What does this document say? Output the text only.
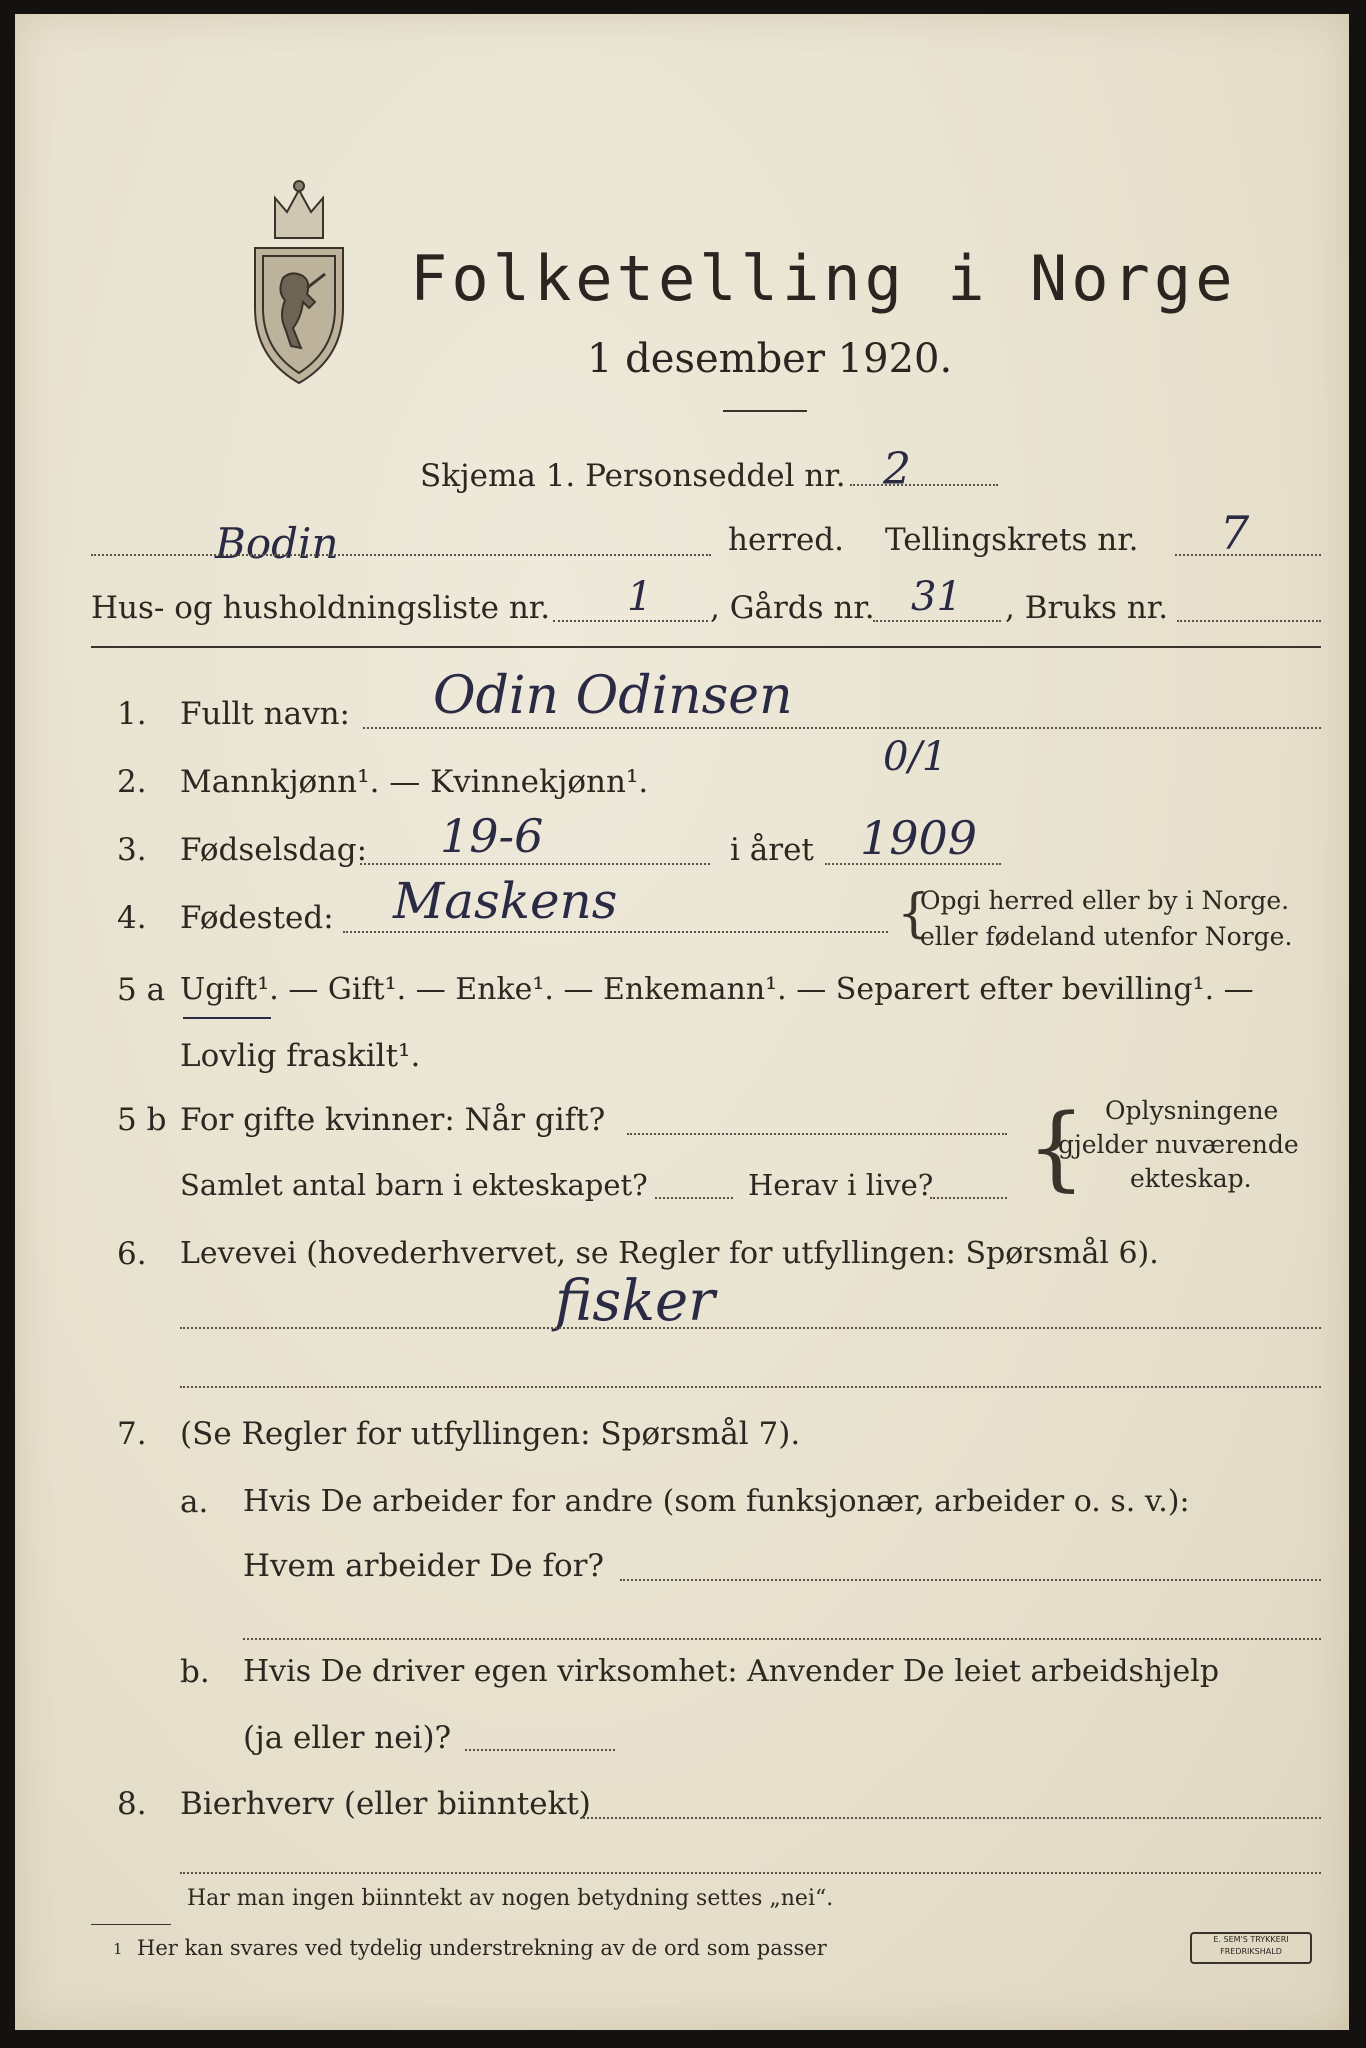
Folketelling i Norge
1 desember 1920.
Skjema 1. Personseddel nr. 2
Bodin	herred. Tellingskrets nr. 7
Hus- og husholdningsliste nr. 1 , Gårds nr. 31 , Bruks nr.
1. Fullt navn: Odin Odinsen
2. Mannkjønn¹. — Kvinnekjønn¹.
0/1
3. Fødselsdag: 19-6	i året 1909
4. Fødested: Maskens	{
Opgi herred eller by i Norge.
eller fødeland utenfor Norge.
5 a Ugift¹. — Gift¹. — Enke¹. — Enkemann¹. — Separert efter bevilling¹. —
Lovlig fraskilt¹.
5 b For gifte kvinner: Når gift?
Samlet antal barn i ekteskapet?	Herav i live? { Oplysningene
gjelder nuværende
ekteskap.
6. Levevei (hovederhvervet, se Regler for utfyllingen: Spørsmål 6).
fisker
7. (Se Regler for utfyllingen: Spørsmål 7).
a. Hvis De arbeider for andre (som funksjonær, arbeider o. s. v.):
Hvem arbeider De for?
b. Hvis De driver egen virksomhet: Anvender De leiet arbeidshjelp
(ja eller nei)?
8. Bierhverv (eller biinntekt)
Har man ingen biinntekt av nogen betydning settes „nei“.
1 Her kan svares ved tydelig understrekning av de ord som passer	E. SEM'S TRYKKERI
FREDRIKSHALD
